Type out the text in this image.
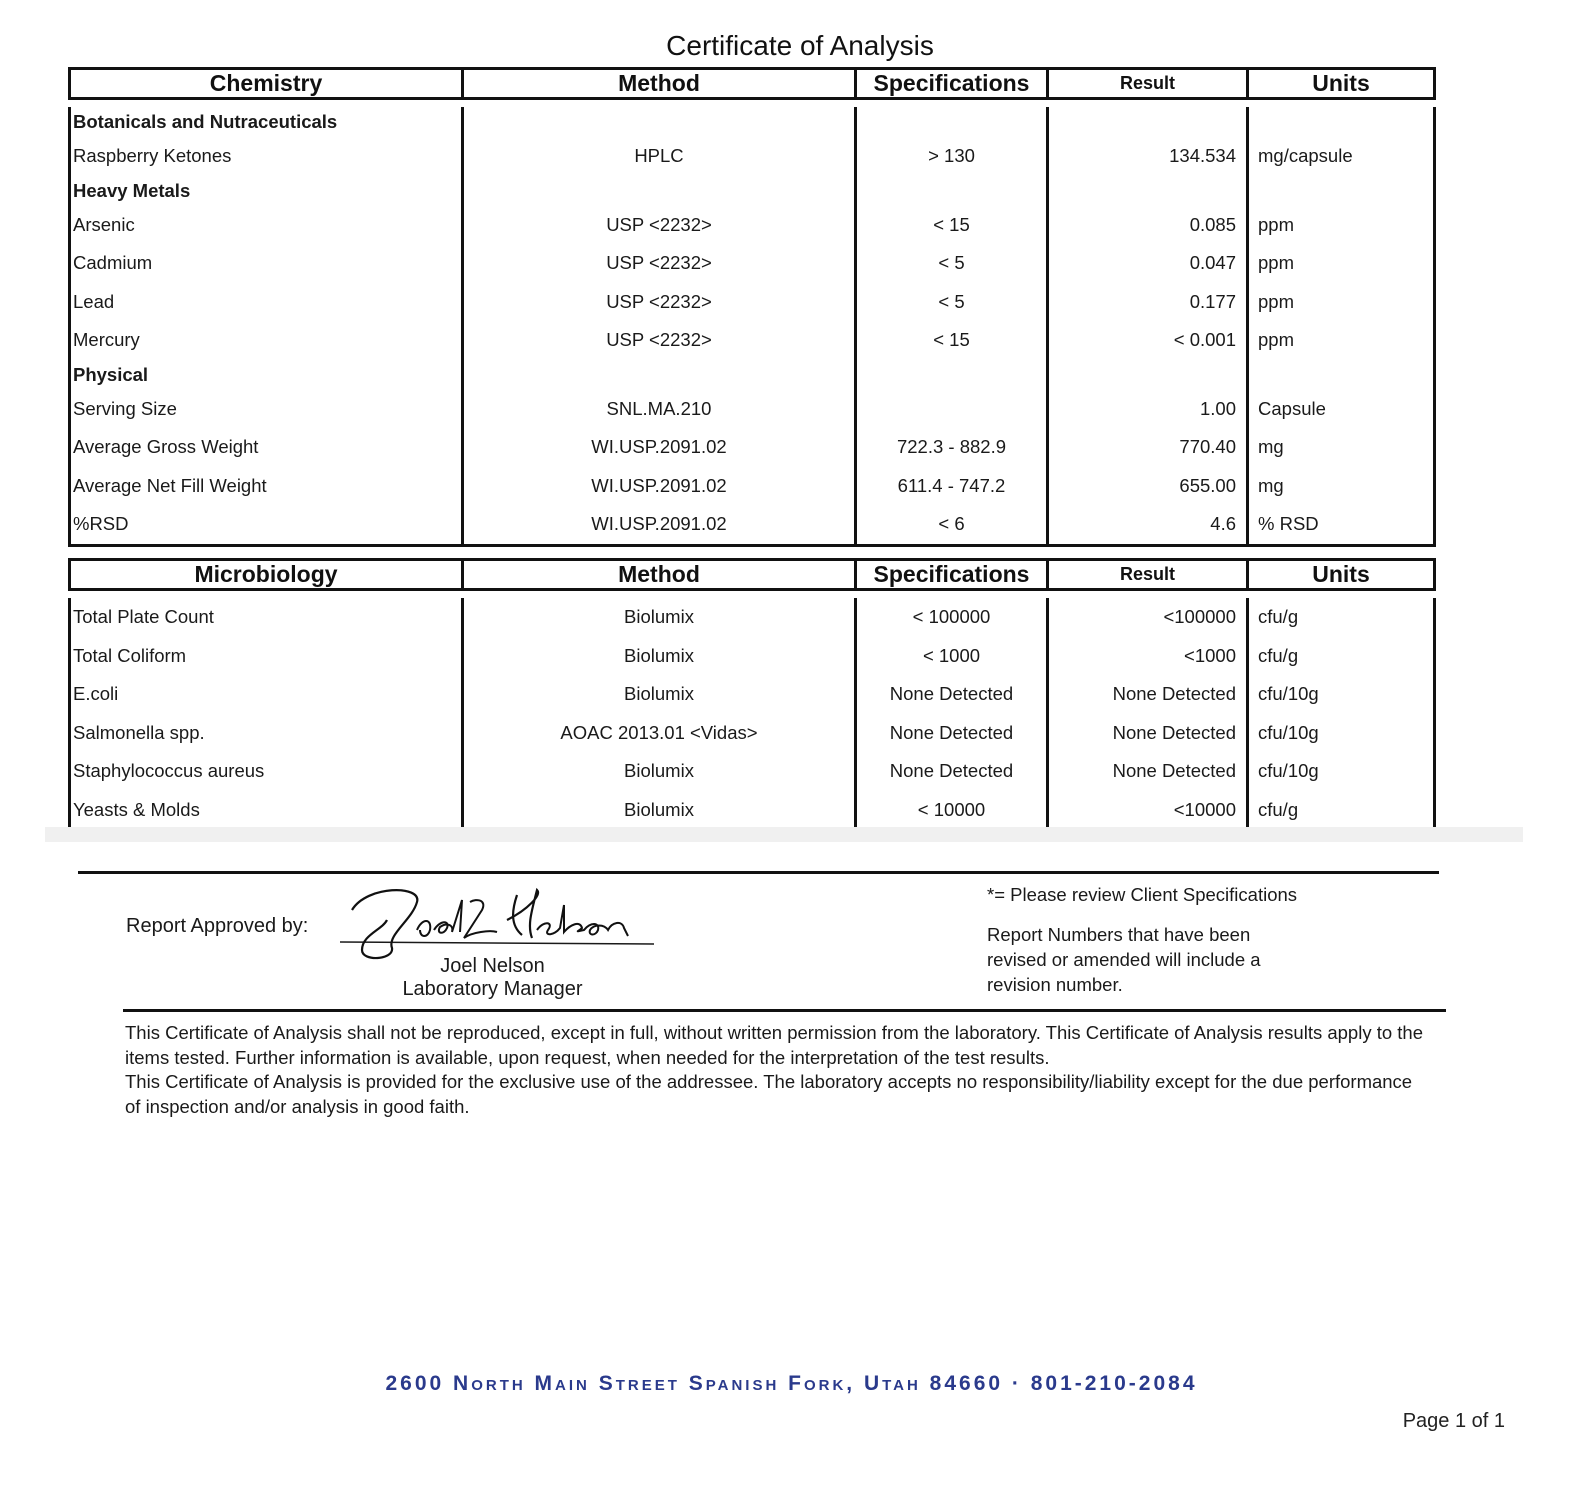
Certificate of Analysis
Chemistry	Method	Specifications	Result	Units

Botanicals and Nutraceuticals				
Raspberry Ketones	HPLC	> 130	134.534	mg/capsule
Heavy Metals				
Arsenic	USP <2232>	< 15	0.085	ppm
Cadmium	USP <2232>	< 5	0.047	ppm
Lead	USP <2232>	< 5	0.177	ppm
Mercury	USP <2232>	< 15	< 0.001	ppm
Physical				
Serving Size	SNL.MA.210		1.00	Capsule
Average Gross Weight	WI.USP.2091.02	722.3 - 882.9	770.40	mg
Average Net Fill Weight	WI.USP.2091.02	611.4 - 747.2	655.00	mg
%RSD	WI.USP.2091.02	< 6	4.6	% RSD
Microbiology	Method	Specifications	Result	Units

Total Plate Count	Biolumix	< 100000	<100000	cfu/g
Total Coliform	Biolumix	< 1000	<1000	cfu/g
E.coli	Biolumix	None Detected	None Detected	cfu/10g
Salmonella spp.	AOAC 2013.01 <Vidas>	None Detected	None Detected	cfu/10g
Staphylococcus aureus	Biolumix	None Detected	None Detected	cfu/10g
Yeasts & Molds	Biolumix	< 10000	<10000	cfu/g
Report Approved by:
Joel Nelson
Laboratory Manager
*= Please review Client Specifications
Report Numbers that have been revised or amended will include a revision number.

This Certificate of Analysis shall not be reproduced, except in full, without written permission from the laboratory. This Certificate of Analysis results apply to the items tested. Further information is available, upon request, when needed for the interpretation of the test results.

This Certificate of Analysis is provided for the exclusive use of the addressee. The laboratory accepts no responsibility/liability except for the due performance of inspection and/or analysis in good faith.

2600 North Main Street Spanish Fork, Utah 84660 · 801-210-2084
Page 1 of 1
